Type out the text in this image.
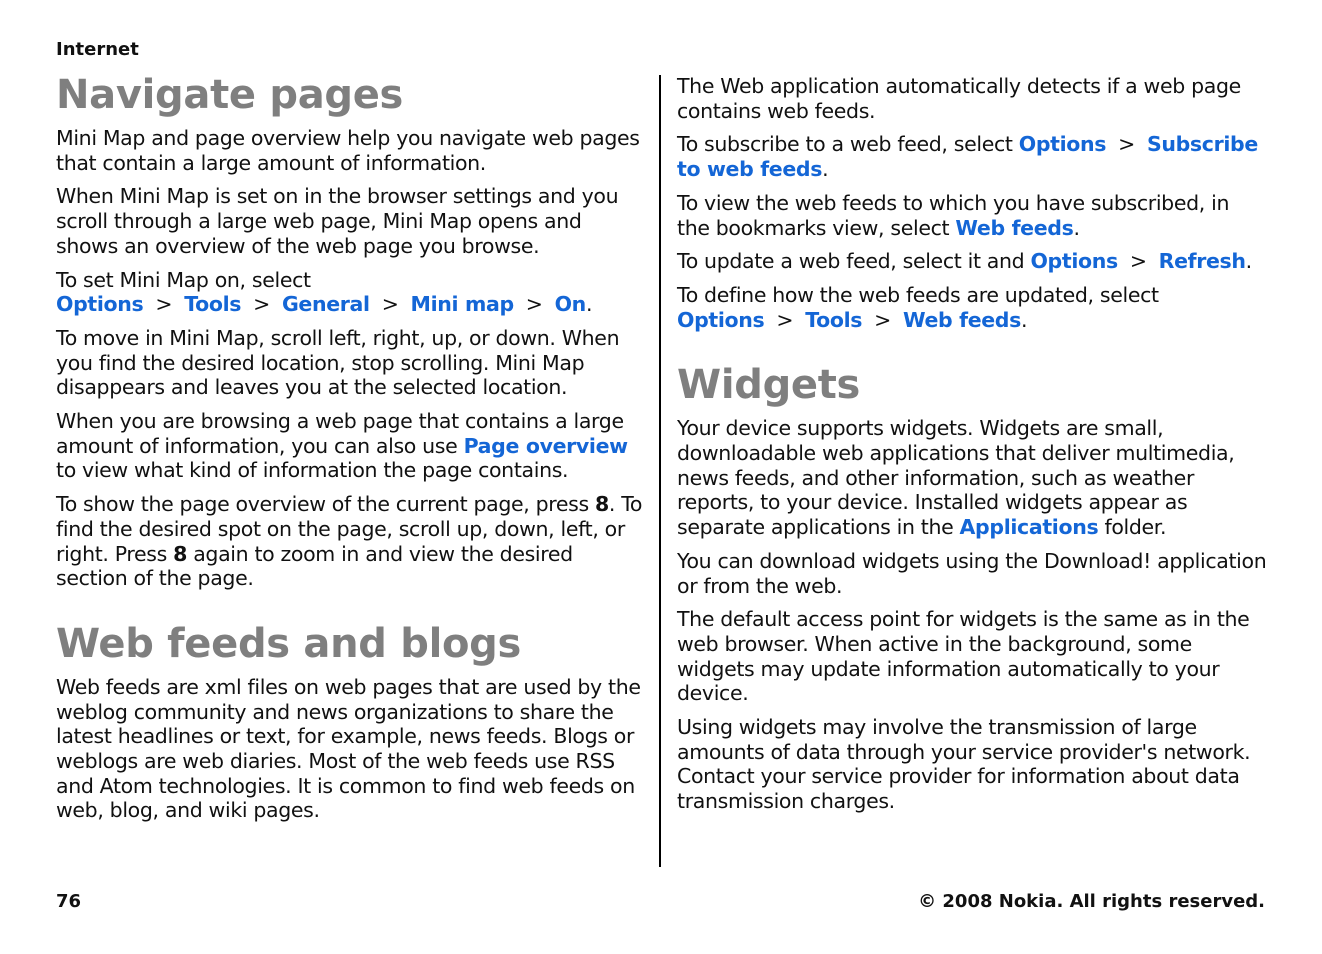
Internet
Navigate pages

Mini Map and page overview help you navigate web pages that contain a large amount of information.

When Mini Map is set on in the browser settings and you scroll through a large web page, Mini Map opens and shows an overview of the web page you browse.

To set Mini Map on, select Options > Tools > General > Mini map > On.

To move in Mini Map, scroll left, right, up, or down. When you find the desired location, stop scrolling. Mini Map disappears and leaves you at the selected location.

When you are browsing a web page that contains a large amount of information, you can also use Page overview to view what kind of information the page contains.

To show the page overview of the current page, press 8. To find the desired spot on the page, scroll up, down, left, or right. Press 8 again to zoom in and view the desired section of the page.

Web feeds and blogs

Web feeds are xml files on web pages that are used by the weblog community and news organizations to share the latest headlines or text, for example, news feeds. Blogs or weblogs are web diaries. Most of the web feeds use RSS and Atom technologies. It is common to find web feeds on web, blog, and wiki pages.

The Web application automatically detects if a web page contains web feeds.

To subscribe to a web feed, select Options > Subscribe to web feeds.

To view the web feeds to which you have subscribed, in the bookmarks view, select Web feeds.

To update a web feed, select it and Options > Refresh.

To define how the web feeds are updated, select Options > Tools > Web feeds.

Widgets

Your device supports widgets. Widgets are small, downloadable web applications that deliver multimedia, news feeds, and other information, such as weather reports, to your device. Installed widgets appear as separate applications in the Applications folder.

You can download widgets using the Download! application or from the web.

The default access point for widgets is the same as in the web browser. When active in the background, some widgets may update information automatically to your device.

Using widgets may involve the transmission of large amounts of data through your service provider's network. Contact your service provider for information about data transmission charges.

76	© 2008 Nokia. All rights reserved.
